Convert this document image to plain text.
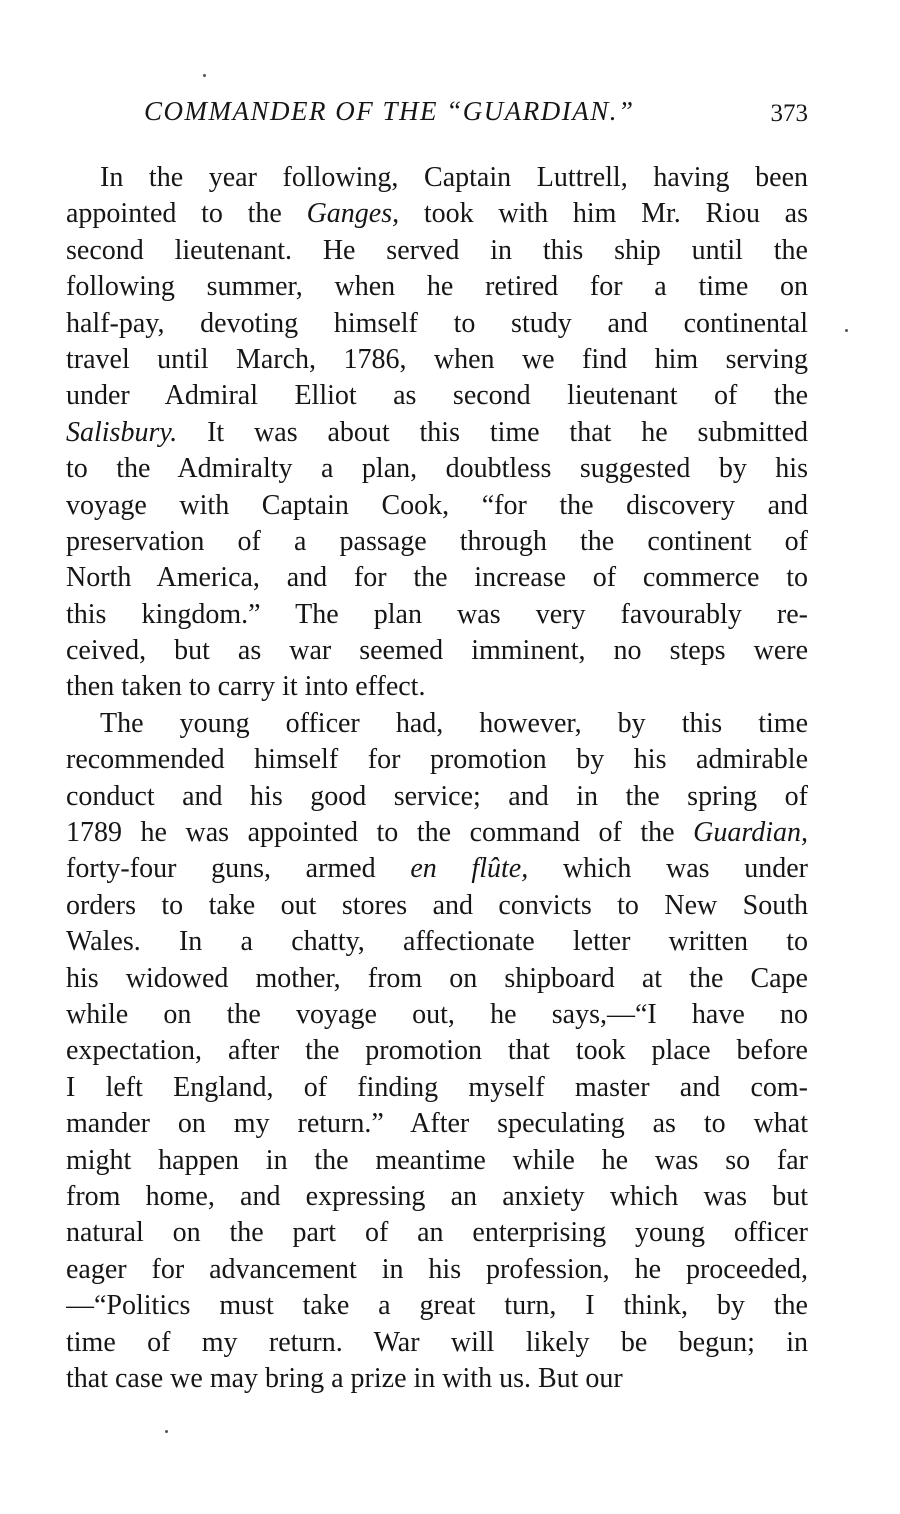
COMMANDER OF THE “GUARDIAN.”	373
In the year following, Captain Luttrell, having been
appointed to the Ganges, took with him Mr. Riou as
second lieutenant. He served in this ship until the
following summer, when he retired for a time on
half-pay, devoting himself to study and continental
travel until March, 1786, when we find him serving
under Admiral Elliot as second lieutenant of the
Salisbury. It was about this time that he submitted
to the Admiralty a plan, doubtless suggested by his
voyage with Captain Cook, “for the discovery and
preservation of a passage through the continent of
North America, and for the increase of commerce to
this kingdom.” The plan was very favourably re-
ceived, but as war seemed imminent, no steps were
then taken to carry it into effect.
The young officer had, however, by this time
recommended himself for promotion by his admirable
conduct and his good service; and in the spring of
1789 he was appointed to the command of the Guardian,
forty-four guns, armed en flûte, which was under
orders to take out stores and convicts to New South
Wales. In a chatty, affectionate letter written to
his widowed mother, from on shipboard at the Cape
while on the voyage out, he says,—“I have no
expectation, after the promotion that took place before
I left England, of finding myself master and com-
mander on my return.” After speculating as to what
might happen in the meantime while he was so far
from home, and expressing an anxiety which was but
natural on the part of an enterprising young officer
eager for advancement in his profession, he proceeded,
—“Politics must take a great turn, I think, by the
time of my return. War will likely be begun; in
that case we may bring a prize in with us. But our
